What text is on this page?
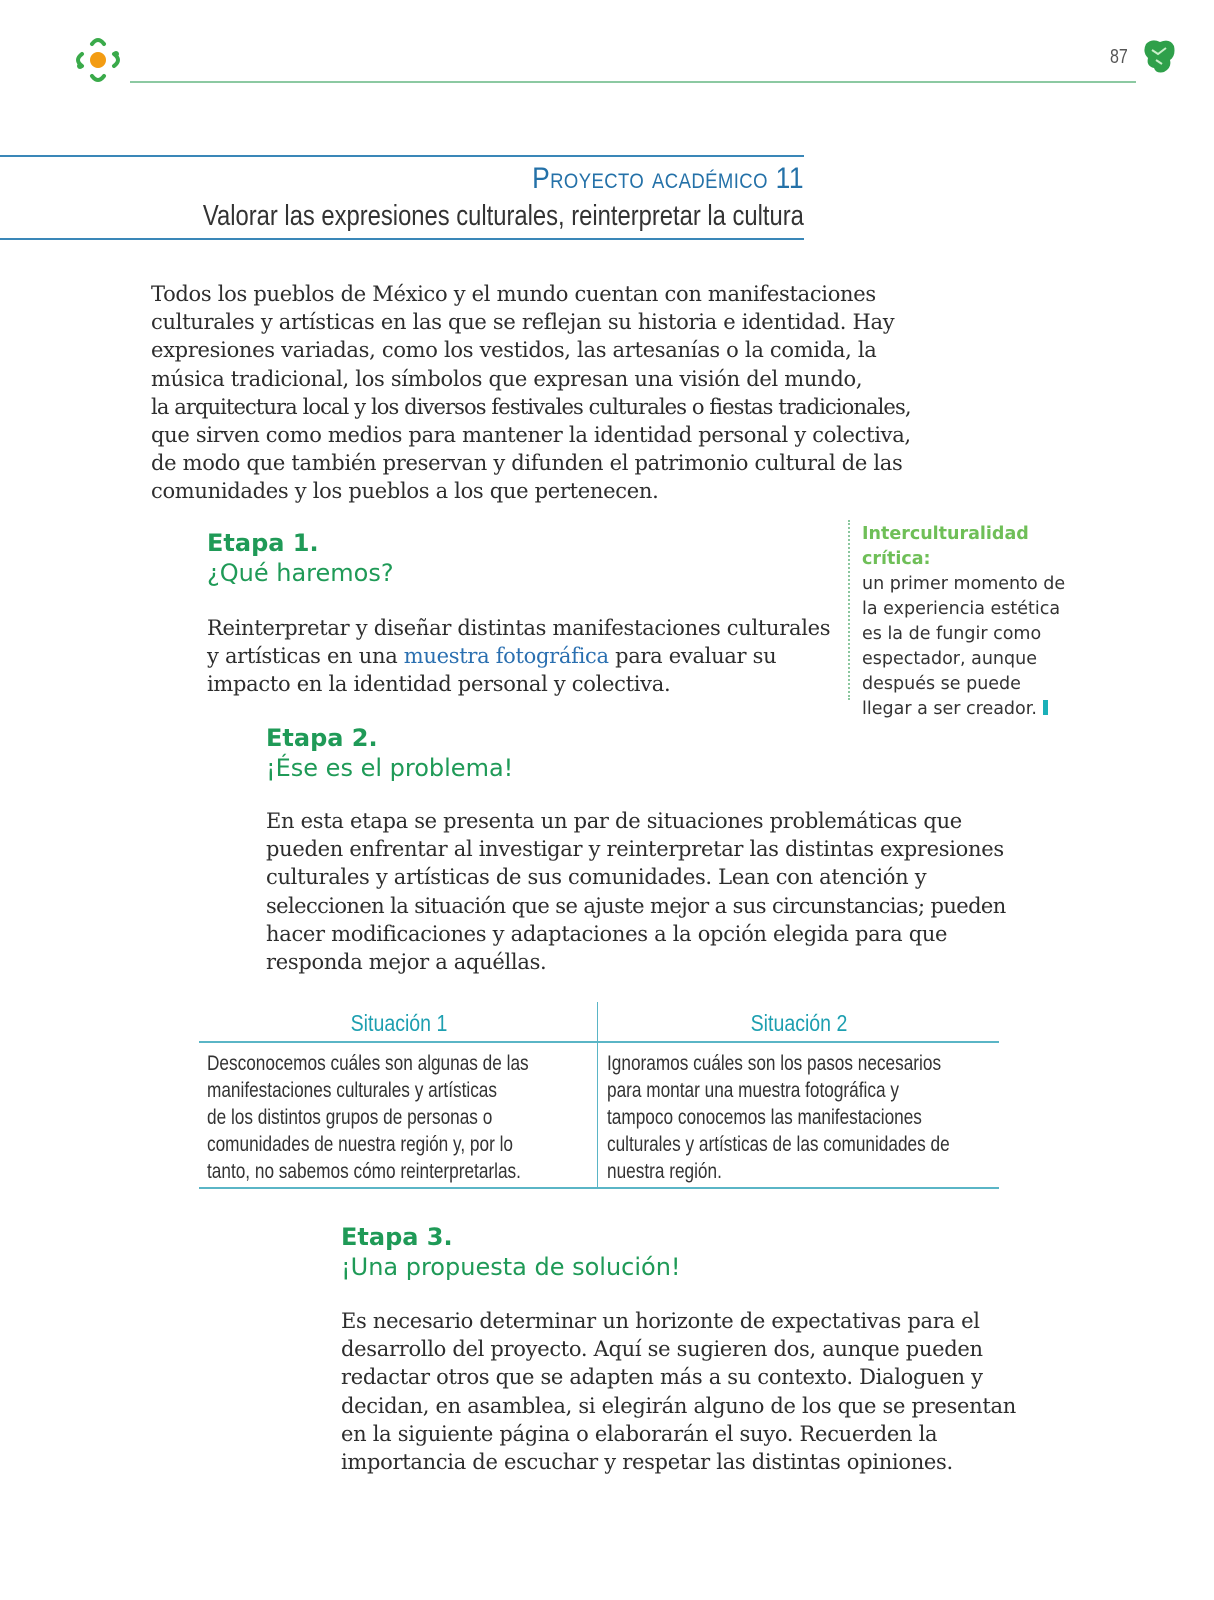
87
Proyecto académico 11
Valorar las expresiones culturales, reinterpretar la cultura
Todos los pueblos de México y el mundo cuentan con manifestaciones
culturales y artísticas en las que se reflejan su historia e identidad. Hay
expresiones variadas, como los vestidos, las artesanías o la comida, la
música tradicional, los símbolos que expresan una visión del mundo,
la arquitectura local y los diversos festivales culturales o fiestas tradicionales,
que sirven como medios para mantener la identidad personal y colectiva,
de modo que también preservan y difunden el patrimonio cultural de las
comunidades y los pueblos a los que pertenecen.
Etapa 1.
¿Qué haremos?
Reinterpretar y diseñar distintas manifestaciones culturales
y artísticas en una muestra fotográfica para evaluar su
impacto en la identidad personal y colectiva.
Interculturalidad crítica:
un primer momento de
la experiencia estética
es la de fungir como
espectador, aunque
después se puede
llegar a ser creador.
Etapa 2.
¡Ése es el problema!
En esta etapa se presenta un par de situaciones problemáticas que
pueden enfrentar al investigar y reinterpretar las distintas expresiones
culturales y artísticas de sus comunidades. Lean con atención y
seleccionen la situación que se ajuste mejor a sus circunstancias; pueden
hacer modificaciones y adaptaciones a la opción elegida para que
responda mejor a aquéllas.
Situación 1
Desconocemos cuáles son algunas de las
manifestaciones culturales y artísticas
de los distintos grupos de personas o
comunidades de nuestra región y, por lo
tanto, no sabemos cómo reinterpretarlas.
Situación 2
Ignoramos cuáles son los pasos necesarios
para montar una muestra fotográfica y
tampoco conocemos las manifestaciones
culturales y artísticas de las comunidades de
nuestra región.
Etapa 3.
¡Una propuesta de solución!
Es necesario determinar un horizonte de expectativas para el
desarrollo del proyecto. Aquí se sugieren dos, aunque pueden
redactar otros que se adapten más a su contexto. Dialoguen y
decidan, en asamblea, si elegirán alguno de los que se presentan
en la siguiente página o elaborarán el suyo. Recuerden la
importancia de escuchar y respetar las distintas opiniones.
